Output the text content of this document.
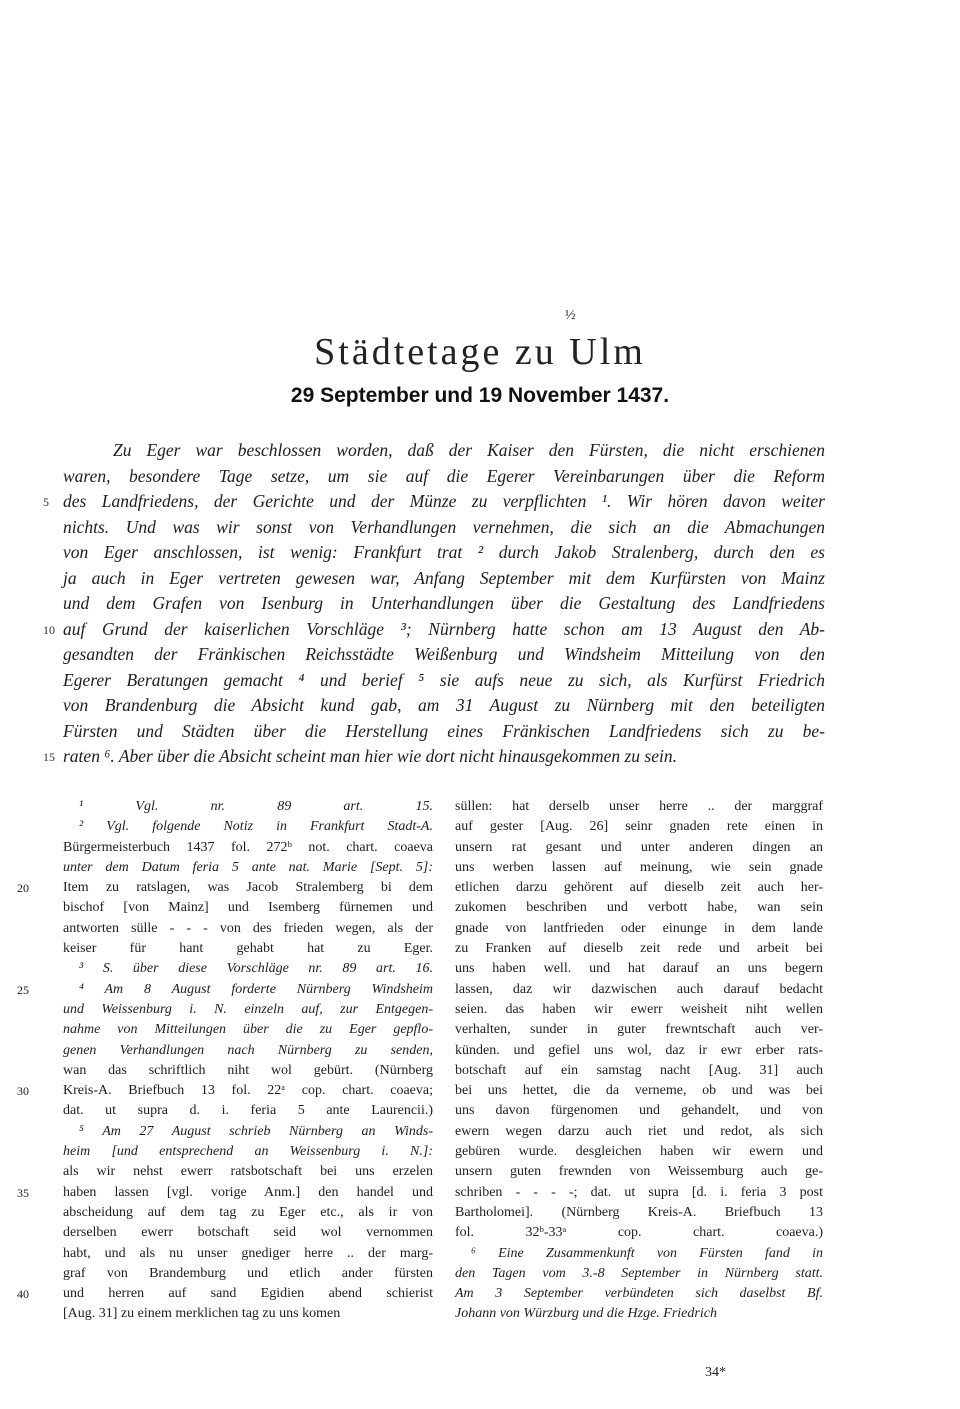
½
Städtetage zu Ulm
29 September und 19 November 1437.
Zu Eger war beschlossen worden, daß der Kaiser den Fürsten, die nicht erschienen
waren, besondere Tage setze, um sie auf die Egerer Vereinbarungen über die Reform
des Landfriedens, der Gerichte und der Münze zu verpflichten ¹. Wir hören davon weiter
nichts. Und was wir sonst von Verhandlungen vernehmen, die sich an die Abmachungen
von Eger anschlossen, ist wenig: Frankfurt trat ² durch Jakob Stralenberg, durch den es
ja auch in Eger vertreten gewesen war, Anfang September mit dem Kurfürsten von Mainz
und dem Grafen von Isenburg in Unterhandlungen über die Gestaltung des Landfriedens
auf Grund der kaiserlichen Vorschläge ³; Nürnberg hatte schon am 13 August den Ab-
gesandten der Fränkischen Reichsstädte Weißenburg und Windsheim Mitteilung von den
Egerer Beratungen gemacht ⁴ und berief ⁵ sie aufs neue zu sich, als Kurfürst Friedrich
von Brandenburg die Absicht kund gab, am 31 August zu Nürnberg mit den beteiligten
Fürsten und Städten über die Herstellung eines Fränkischen Landfriedens sich zu be-
raten ⁶. Aber über die Absicht scheint man hier wie dort nicht hinausgekommen zu sein.
5
10
15
¹ Vgl. nr. 89 art. 15.
² Vgl. folgende Notiz in Frankfurt Stadt-A.
Bürgermeisterbuch 1437 fol. 272ᵇ not. chart. coaeva
unter dem Datum feria 5 ante nat. Marie [Sept. 5]:
Item zu ratslagen, was Jacob Stralemberg bi dem
20
bischof [von Mainz] und Isemberg fürnemen und
antworten sülle - - - von des frieden wegen, als der
keiser für hant gehabt hat zu Eger.
³ S. über diese Vorschläge nr. 89 art. 16.
⁴ Am 8 August forderte Nürnberg Windsheim
25
und Weissenburg i. N. einzeln auf, zur Entgegen-
nahme von Mitteilungen über die zu Eger gepflo-
genen Verhandlungen nach Nürnberg zu senden,
wan das schriftlich niht wol gebürt. (Nürnberg
Kreis-A. Briefbuch 13 fol. 22ᵃ cop. chart. coaeva;
30
dat. ut supra d. i. feria 5 ante Laurencii.)
⁵ Am 27 August schrieb Nürnberg an Winds-
heim [und entsprechend an Weissenburg i. N.]:
als wir nehst ewerr ratsbotschaft bei uns erzelen
haben lassen [vgl. vorige Anm.] den handel und
35
abscheidung auf dem tag zu Eger etc., als ir von
derselben ewerr botschaft seid wol vernommen
habt, und als nu unser gnediger herre .. der marg-
graf von Brandemburg und etlich ander fürsten
und herren auf sand Egidien abend schierist
40
[Aug. 31] zu einem merklichen tag zu uns komen
süllen: hat derselb unser herre .. der marggraf
auf gester [Aug. 26] seinr gnaden rete einen in
unsern rat gesant und unter anderen dingen an
uns werben lassen auf meinung, wie sein gnade
etlichen darzu gehörent auf dieselb zeit auch her-
zukomen beschriben und verbott habe, wan sein
gnade von lantfrieden oder einunge in dem lande
zu Franken auf dieselb zeit rede und arbeit bei
uns haben well. und hat darauf an uns begern
lassen, daz wir dazwischen auch darauf bedacht
seien. das haben wir ewerr weisheit niht wellen
verhalten, sunder in guter frewntschaft auch ver-
künden. und gefiel uns wol, daz ir ewr erber rats-
botschaft auf ein samstag nacht [Aug. 31] auch
bei uns hettet, die da verneme, ob und was bei
uns davon fürgenomen und gehandelt, und von
ewern wegen darzu auch riet und redot, als sich
gebüren wurde. desgleichen haben wir ewern und
unsern guten frewnden von Weissemburg auch ge-
schriben - - - -; dat. ut supra [d. i. feria 3 post
Bartholomei]. (Nürnberg Kreis-A. Briefbuch 13
fol. 32ᵇ-33ᵃ cop. chart. coaeva.)
⁶ Eine Zusammenkunft von Fürsten fand in
den Tagen vom 3.-8 September in Nürnberg statt.
Am 3 September verbündeten sich daselbst Bf.
Johann von Würzburg und die Hzge. Friedrich
34*
